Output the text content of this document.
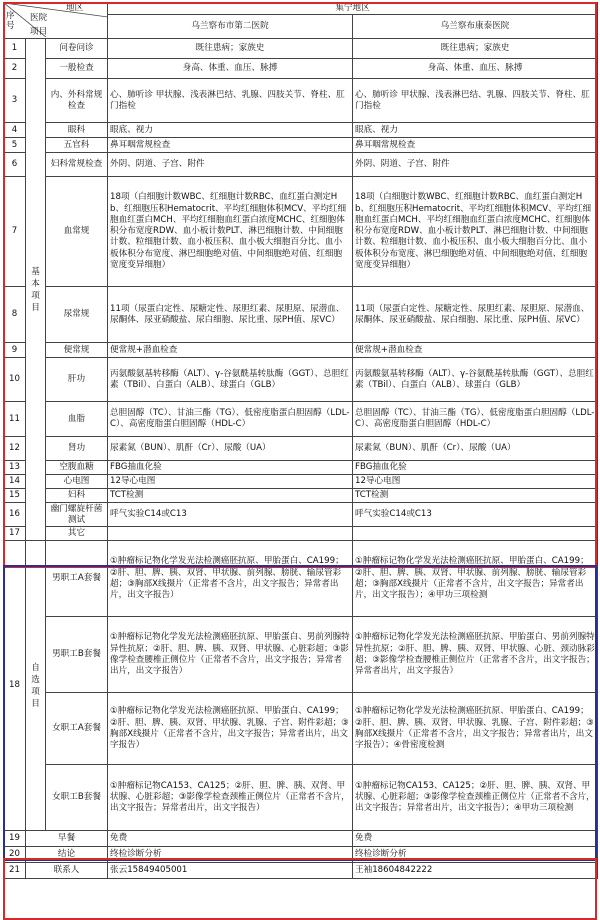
地区
医院
项目
序号			集宁地区	
			乌兰察布市第二医院	乌兰察布康泰医院
1	基本项目	问卷问诊	既往患病；家族史	既往患病；家族史
2		一般检查	身高、体重、血压、脉搏	身高、体重、血压、脉搏
3		内、外科常规检查	心、肺听诊 甲状腺、浅表淋巴结、乳腺、四肢关节、脊柱、肛门指检	心、肺听诊 甲状腺、浅表淋巴结、乳腺、四肢关节、脊柱、肛门指检
4		眼科	眼底、视力	眼底、视力
5		五官科	鼻耳咽常规检查	鼻耳咽常规检查
6		妇科常规检查	外阴、阴道、子宫、附件	外阴、阴道、子宫、附件
7		血常规	18项（白细胞计数WBC、红细胞计数RBC、血红蛋白测定Hb、红细胞压积Hematocrit、平均红细胞体积MCV、平均红细胞血红蛋白MCH、平均红细胞血红蛋白浓度MCHC、红细胞体积分布宽度RDW、血小板计数PLT、淋巴细胞计数、中间细胞计数、粒细胞计数、血小板压积、血小板大细胞百分比、血小板体积分布宽度、淋巴细胞绝对值、中间细胞绝对值、红细胞宽度变异细胞）	18项（白细胞计数WBC、红细胞计数RBC、血红蛋白测定Hb、红细胞压积Hematocrit、平均红细胞体积MCV、平均红细胞血红蛋白MCH、平均红细胞血红蛋白浓度MCHC、红细胞体积分布宽度RDW、血小板计数PLT、淋巴细胞计数、中间细胞计数、粒细胞计数、血小板压积、血小板大细胞百分比、血小板体积分布宽度、淋巴细胞绝对值、中间细胞绝对值、红细胞宽度变异细胞）
8		尿常规	11项（尿蛋白定性、尿糖定性、尿胆红素、尿胆原、尿潜血、尿酮体、尿亚硝酸盐、尿白细胞、尿比重、尿PH值、尿VC）	11项（尿蛋白定性、尿糖定性、尿胆红素、尿胆原、尿潜血、尿酮体、尿亚硝酸盐、尿白细胞、尿比重、尿PH值、尿VC）
9		便常规	便常规+潜血检查	便常规+潜血检查
10		肝功	丙氨酸氨基转移酶（ALT）、γ-谷氨酰基转肽酶（GGT）、总胆红素（TBil）、白蛋白（ALB）、球蛋白（GLB）	丙氨酸氨基转移酶（ALT）、γ-谷氨酰基转肽酶（GGT）、总胆红素（TBil）、白蛋白（ALB）、球蛋白（GLB）
11		血脂	总胆固醇（TC）、甘油三酯（TG）、低密度脂蛋白胆固醇（LDL-C）、高密度脂蛋白胆固醇（HDL-C）	总胆固醇（TC）、甘油三酯（TG）、低密度脂蛋白胆固醇（LDL-C）、高密度脂蛋白胆固醇（HDL-C）
12		肾功	尿素氮（BUN）、肌酐（Cr）、尿酸（UA）	尿素氮（BUN）、肌酐（Cr）、尿酸（UA）
13		空腹血糖	FBG抽血化验	FBG抽血化验
14		心电图	12导心电图	12导心电图
15		妇科	TCT检测	TCT检测
16		幽门螺旋杆菌测试	呼气实验C14或C13	呼气实验C14或C13
17		其它		
18	自选项目	男职工A套餐	①肿瘤标记物化学发光法检测癌胚抗原、甲胎蛋白、CA199；②肝、胆、脾、胰、双肾、甲状腺、前列腺、膀胱、输尿管彩超；③胸部X线摄片（正常者不含片，出文字报告；异常者出片，出文字报告）	①肿瘤标记物化学发光法检测癌胚抗原、甲胎蛋白、CA199；②肝、胆、脾、胰、双肾、甲状腺、前列腺、膀胱、输尿管彩超；③胸部X线摄片（正常者不含片，出文字报告；异常者出片，出文字报告）；④甲功三项检测
		男职工B套餐	①肿瘤标记物化学发光法检测癌胚抗原、甲胎蛋白、男前列腺特异性抗原；②肝、胆、脾、胰、双肾、甲状腺、心脏彩超；③影像学检查腰椎正侧位片（正常者不含片，出文字报告；异常者出片，出文字报告）	①肿瘤标记物化学发光法检测癌胚抗原、甲胎蛋白、男前列腺特异性抗原；②肝、胆、脾、胰、双肾、甲状腺、心脏、颈动脉彩超；③影像学检查腰椎正侧位片（正常者不含片，出文字报告；异常者出片，出文字报告）
		女职工A套餐	①肿瘤标记物化学发光法检测癌胚抗原、甲胎蛋白、CA199；②肝、胆、脾、胰、双肾、甲状腺、乳腺、子宫、附件彩超；③胸部X线摄片（正常者不含片，出文字报告；异常者出片，出文字报告）	①肿瘤标记物化学发光法检测癌胚抗原、甲胎蛋白、CA199；②肝、胆、脾、胰、双肾、甲状腺、乳腺、子宫、附件彩超；③胸部X线摄片（正常者不含片，出文字报告；异常者出片，出文字报告）；④骨密度检测
		女职工B套餐	①肿瘤标记物CA153、CA125；②肝、胆、脾、胰、双肾、甲状腺、心脏彩超；③影像学检查颈椎正侧位片（正常者不含片，出文字报告；异常者出片，出文字报告）	①肿瘤标记物CA153、CA125；②肝、胆、脾、胰、双肾、甲状腺、心脏彩超；③影像学检查颈椎正侧位片（正常者不含片，出文字报告；异常者出片，出文字报告）；④甲功三项检测
19	早餐		免费	免费
20	结论		终检诊断分析	终检诊断分析
21	联系人		张云15849405001	王袖18604842222
